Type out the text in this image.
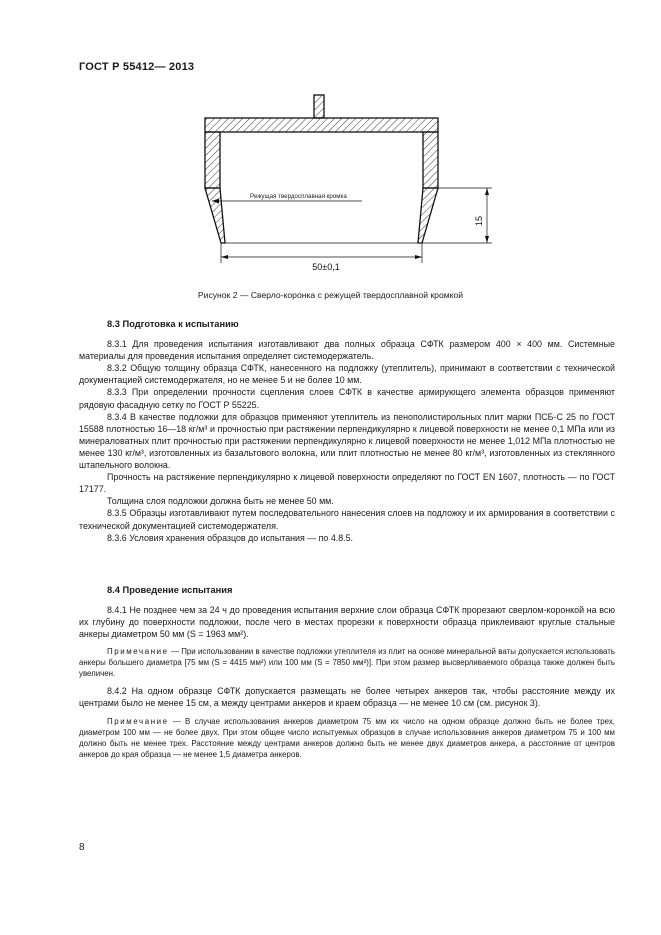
ГОСТ Р 55412— 2013
Режущая твердосплавная кромка
15
50±0,1
Рисунок 2 — Сверло-коронка с режущей твердосплавной кромкой
8.3 Подготовка к испытанию

8.3.1 Для проведения испытания изготавливают два полных образца СФТК размером 400 × 400 мм. Системные материалы для проведения испытания определяет системодержатель.

8.3.2 Общую толщину образца СФТК, нанесенного на подложку (утеплитель), принимают в соответствии с технической документацией системодержателя, но не менее 5 и не более 10 мм.

8.3.3 При определении прочности сцепления слоев СФТК в качестве армирующего элемента образцов применяют рядовую фасадную сетку по ГОСТ Р 55225.

8.3.4 В качестве подложки для образцов применяют утеплитель из пенополистирольных плит марки ПСБ-С 25 по ГОСТ 15588 плотностью 16—18 кг/м³ и прочностью при растяжении перпендикулярно к лицевой поверхности не менее 0,1 МПа или из минераловатных плит прочностью при растяжении перпендикулярно к лицевой поверхности не менее 1,012 МПа плотностью не менее 130 кг/м³, изготовленных из базальтового волокна, или плит плотностью не менее 80 кг/м³, изготовленных из стеклянного штапельного волокна.

Прочность на растяжение перпендикулярно к лицевой поверхности определяют по ГОСТ EN 1607, плотность — по ГОСТ 17177.

Толщина слоя подложки должна быть не менее 50 мм.

8.3.5 Образцы изготавливают путем последовательного нанесения слоев на подложку и их армирования в соответствии с технической документацией системодержателя.

8.3.6 Условия хранения образцов до испытания — по 4.8.5.

8.4 Проведение испытания

8.4.1 Не позднее чем за 24 ч до проведения испытания верхние слои образца СФТК прорезают сверлом-коронкой на всю их глубину до поверхности подложки, после чего в местах прорезки к поверхности образца приклеивают круглые стальные анкеры диаметром 50 мм (S = 1963 мм²).

Примечание — При использовании в качестве подложки утеплителя из плит на основе минеральной ваты допускается использовать анкеры большего диаметра [75 мм (S = 4415 мм²) или 100 мм (S = 7850 мм²)]. При этом размер высверливаемого образца также должен быть увеличен.

8.4.2 На одном образце СФТК допускается размещать не более четырех анкеров так, чтобы расстояние между их центрами было не менее 15 см, а между центрами анкеров и краем образца — не менее 10 см (см. рисунок 3).

Примечание — В случае использования анкеров диаметром 75 мм их число на одном образце должно быть не более трех, диаметром 100 мм — не более двух. При этом общее число испытуемых образцов в случае использования анкеров диаметром 75 и 100 мм должно быть не менее трех. Расстояние между центрами анкеров должно быть не менее двух диаметров анкера, а расстояние от центров анкеров до края образца — не менее 1,5 диаметра анкеров.

8
